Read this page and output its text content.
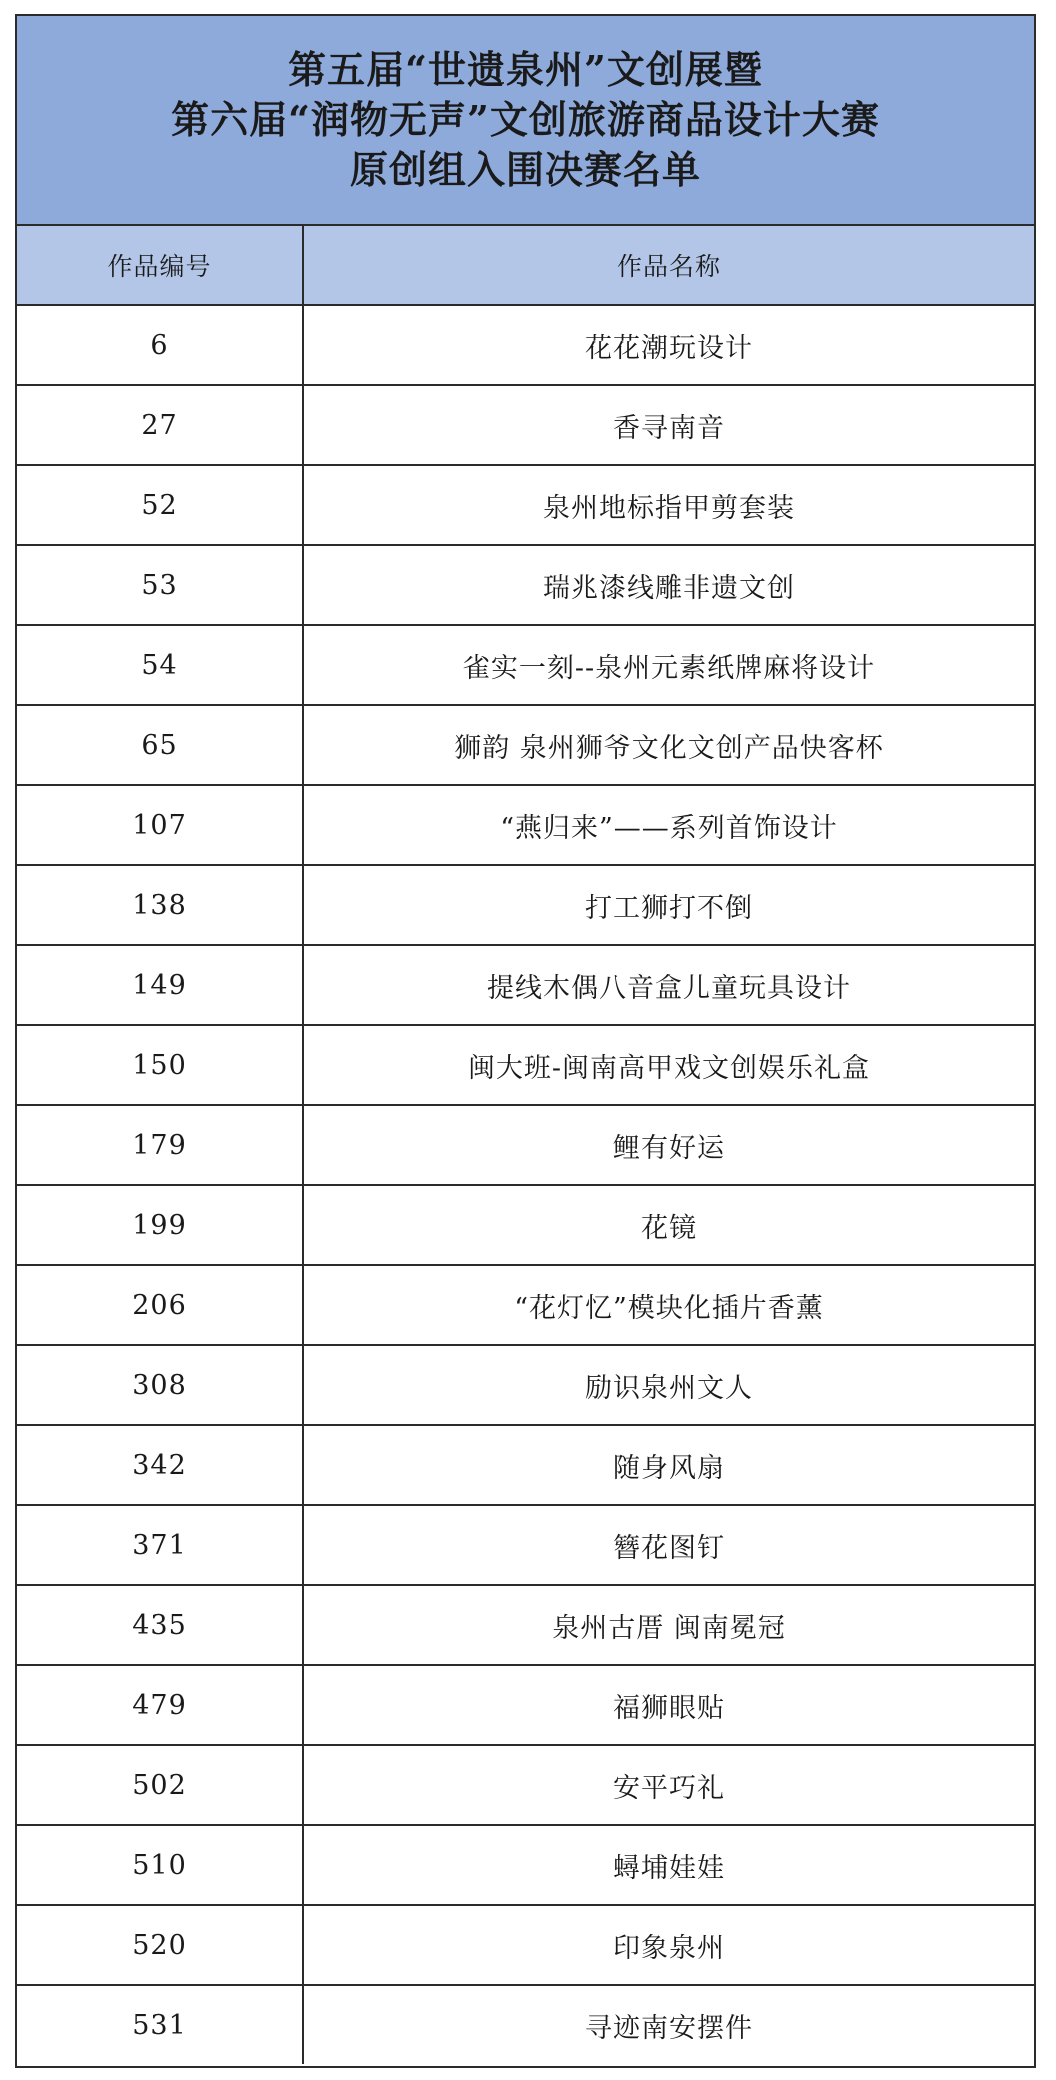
第五届“世遗泉州”文创展暨
第六届“润物无声”文创旅游商品设计大赛
原创组入围决赛名单
作品编号	作品名称
6	花花潮玩设计
27	香寻南音
52	泉州地标指甲剪套装
53	瑞兆漆线雕非遗文创
54	雀实一刻--泉州元素纸牌麻将设计
65	狮韵 泉州狮爷文化文创产品快客杯
107	“燕归来”——系列首饰设计
138	打工狮打不倒
149	提线木偶八音盒儿童玩具设计
150	闽大班-闽南高甲戏文创娱乐礼盒
179	鲤有好运
199	花镜
206	“花灯忆”模块化插片香薰
308	励识泉州文人
342	随身风扇
371	簪花图钉
435	泉州古厝 闽南冕冠
479	福狮眼贴
502	安平巧礼
510	蟳埔娃娃
520	印象泉州
531	寻迹南安摆件
